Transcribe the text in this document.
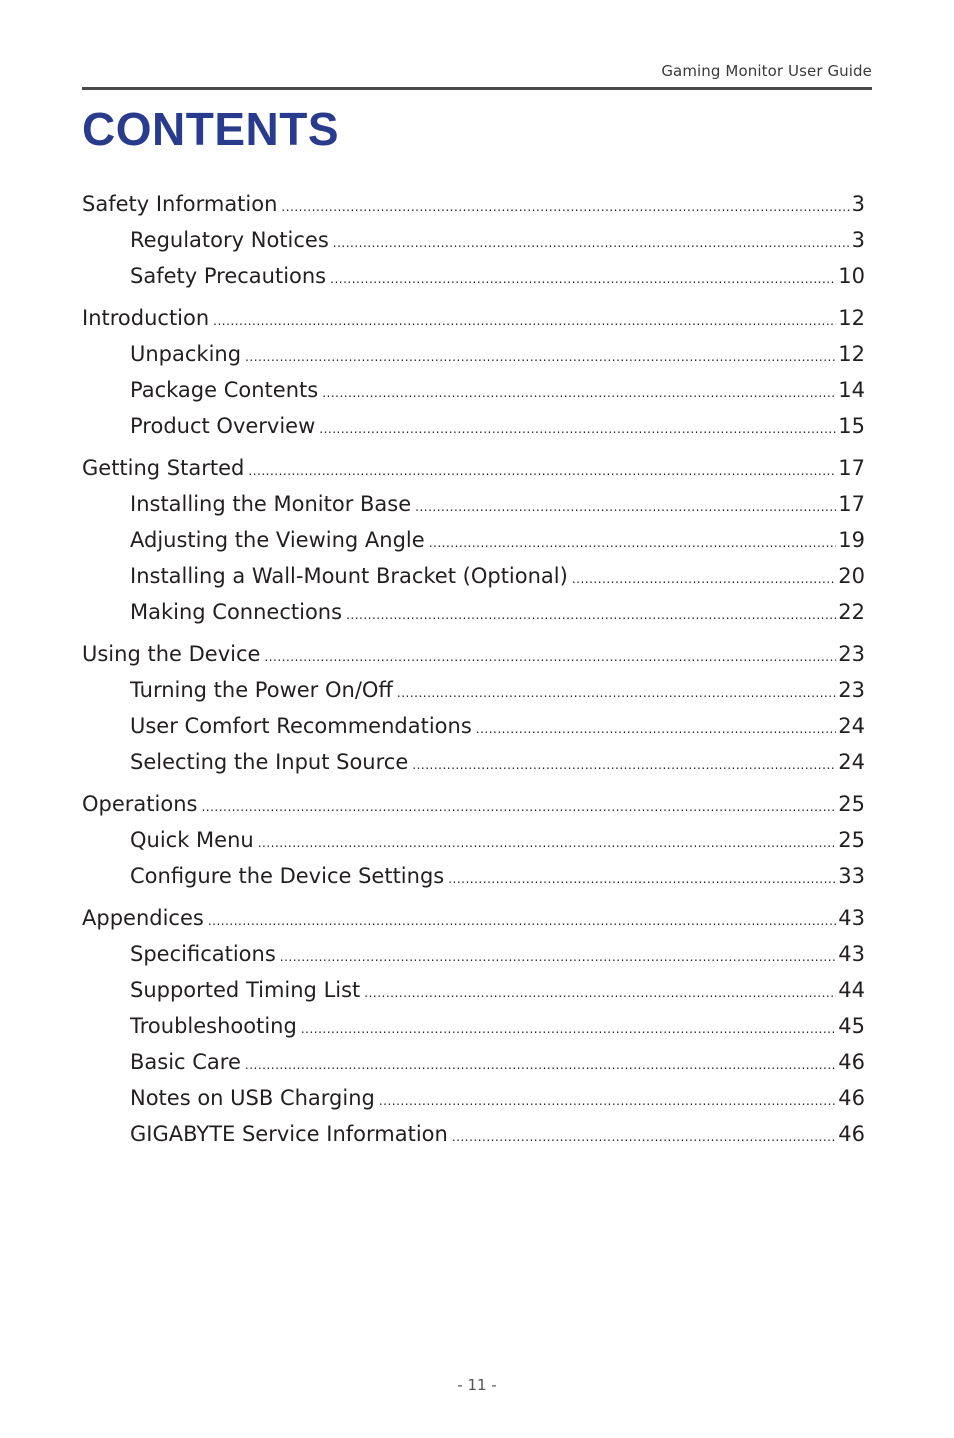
Gaming Monitor User Guide
CONTENTS
Safety Information .....	3
Regulatory Notices .....	3
Safety Precautions .....	10
Introduction .....	12
Unpacking .....	12
Package Contents .....	14
Product Overview .....	15
Getting Started .....	17
Installing the Monitor Base .....	17
Adjusting the Viewing Angle .....	19
Installing a Wall-Mount Bracket (Optional) .....	20
Making Connections .....	22
Using the Device .....	23
Turning the Power On/Off .....	23
User Comfort Recommendations .....	24
Selecting the Input Source .....	24
Operations .....	25
Quick Menu .....	25
Configure the Device Settings .....	33
Appendices .....	43
Specifications .....	43
Supported Timing List .....	44
Troubleshooting .....	45
Basic Care .....	46
Notes on USB Charging .....	46
GIGABYTE Service Information .....	46
- 11 -
